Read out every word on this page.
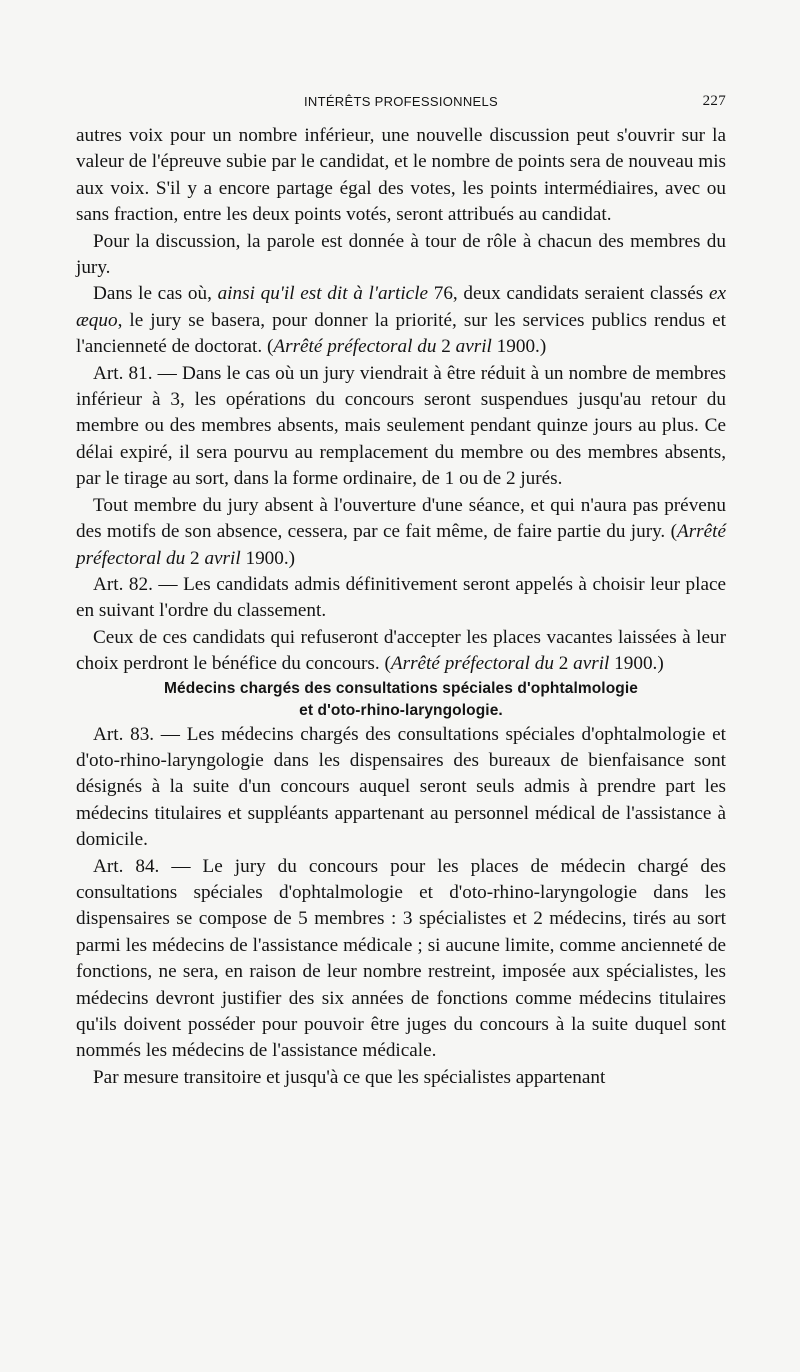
INTÉRÊTS PROFESSIONNELS	227

autres voix pour un nombre inférieur, une nouvelle discussion peut s'ouvrir sur la valeur de l'épreuve subie par le candidat, et le nombre de points sera de nouveau mis aux voix. S'il y a encore partage égal des votes, les points intermédiaires, avec ou sans fraction, entre les deux points votés, seront attribués au candidat.

Pour la discussion, la parole est donnée à tour de rôle à chacun des membres du jury.

Dans le cas où, ainsi qu'il est dit à l'article 76, deux candidats seraient classés ex æquo, le jury se basera, pour donner la priorité, sur les services publics rendus et l'ancienneté de doctorat. (Arrêté préfectoral du 2 avril 1900.)

Art. 81. — Dans le cas où un jury viendrait à être réduit à un nombre de membres inférieur à 3, les opérations du concours seront suspendues jusqu'au retour du membre ou des membres absents, mais seulement pendant quinze jours au plus. Ce délai expiré, il sera pourvu au remplacement du membre ou des membres absents, par le tirage au sort, dans la forme ordinaire, de 1 ou de 2 jurés.

Tout membre du jury absent à l'ouverture d'une séance, et qui n'aura pas prévenu des motifs de son absence, cessera, par ce fait même, de faire partie du jury. (Arrêté préfectoral du 2 avril 1900.)

Art. 82. — Les candidats admis définitivement seront appelés à choisir leur place en suivant l'ordre du classement.

Ceux de ces candidats qui refuseront d'accepter les places vacantes laissées à leur choix perdront le bénéfice du concours. (Arrêté préfectoral du 2 avril 1900.)

Médecins chargés des consultations spéciales d'ophtalmologie
et d'oto-rhino-laryngologie.

Art. 83. — Les médecins chargés des consultations spéciales d'ophtalmologie et d'oto-rhino-laryngologie dans les dispensaires des bureaux de bienfaisance sont désignés à la suite d'un concours auquel seront seuls admis à prendre part les médecins titulaires et suppléants appartenant au personnel médical de l'assistance à domicile.

Art. 84. — Le jury du concours pour les places de médecin chargé des consultations spéciales d'ophtalmologie et d'oto-rhino-laryngologie dans les dispensaires se compose de 5 membres : 3 spécialistes et 2 médecins, tirés au sort parmi les médecins de l'assistance médicale ; si aucune limite, comme ancienneté de fonctions, ne sera, en raison de leur nombre restreint, imposée aux spécialistes, les médecins devront justifier des six années de fonctions comme médecins titulaires qu'ils doivent posséder pour pouvoir être juges du concours à la suite duquel sont nommés les médecins de l'assistance médicale.

Par mesure transitoire et jusqu'à ce que les spécialistes appartenant
